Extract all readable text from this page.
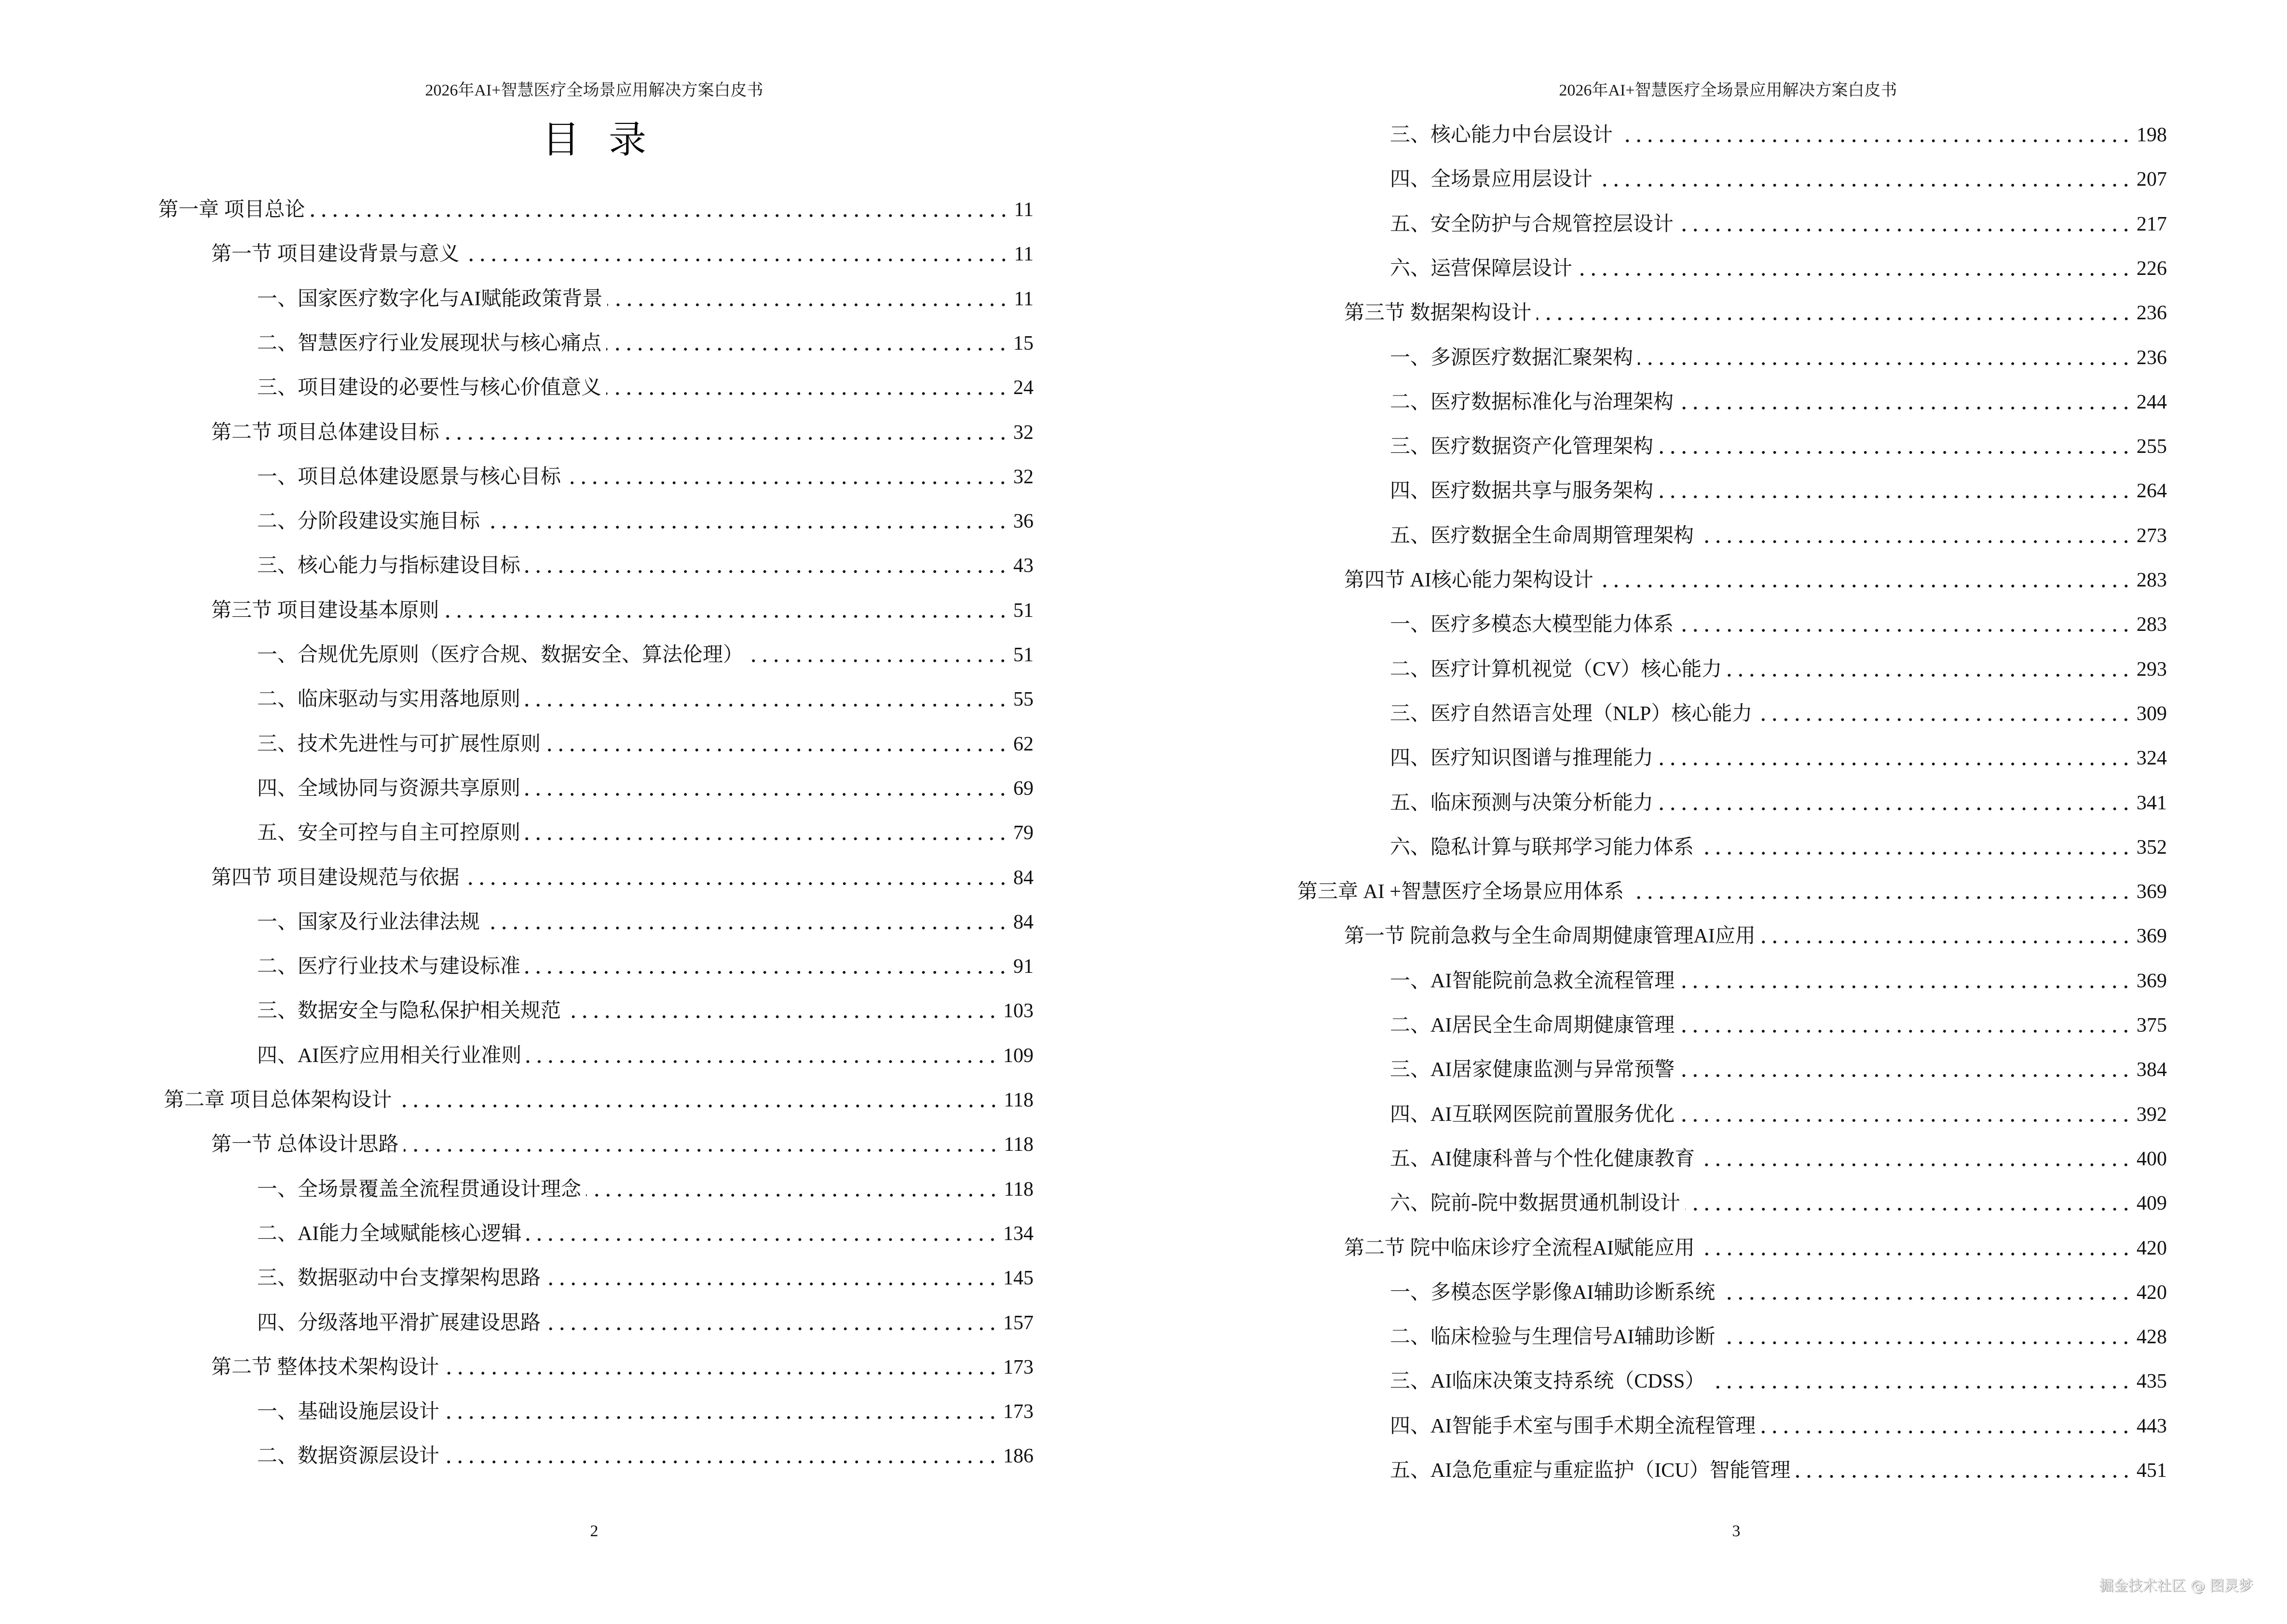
2026年AI+智慧医疗全场景应用解决方案白皮书
目录
第一章 项目总论	11
第一节 项目建设背景与意义	11
一、国家医疗数字化与AI赋能政策背景	11
二、智慧医疗行业发展现状与核心痛点	15
三、项目建设的必要性与核心价值意义	24
第二节 项目总体建设目标	32
一、项目总体建设愿景与核心目标	32
二、分阶段建设实施目标	36
三、核心能力与指标建设目标	43
第三节 项目建设基本原则	51
一、合规优先原则（医疗合规、数据安全、算法伦理）	51
二、临床驱动与实用落地原则	55
三、技术先进性与可扩展性原则	62
四、全域协同与资源共享原则	69
五、安全可控与自主可控原则	79
第四节 项目建设规范与依据	84
一、国家及行业法律法规	84
二、医疗行业技术与建设标准	91
三、数据安全与隐私保护相关规范	103
四、AI医疗应用相关行业准则	109
第二章 项目总体架构设计	118
第一节 总体设计思路	118
一、全场景覆盖全流程贯通设计理念	118
二、AI能力全域赋能核心逻辑	134
三、数据驱动中台支撑架构思路	145
四、分级落地平滑扩展建设思路	157
第二节 整体技术架构设计	173
一、基础设施层设计	173
二、数据资源层设计	186
2
2026年AI+智慧医疗全场景应用解决方案白皮书
三、核心能力中台层设计	198
四、全场景应用层设计	207
五、安全防护与合规管控层设计	217
六、运营保障层设计	226
第三节 数据架构设计	236
一、多源医疗数据汇聚架构	236
二、医疗数据标准化与治理架构	244
三、医疗数据资产化管理架构	255
四、医疗数据共享与服务架构	264
五、医疗数据全生命周期管理架构	273
第四节 AI核心能力架构设计	283
一、医疗多模态大模型能力体系	283
二、医疗计算机视觉（CV）核心能力	293
三、医疗自然语言处理（NLP）核心能力	309
四、医疗知识图谱与推理能力	324
五、临床预测与决策分析能力	341
六、隐私计算与联邦学习能力体系	352
第三章 AI +智慧医疗全场景应用体系	369
第一节 院前急救与全生命周期健康管理AI应用	369
一、AI智能院前急救全流程管理	369
二、AI居民全生命周期健康管理	375
三、AI居家健康监测与异常预警	384
四、AI互联网医院前置服务优化	392
五、AI健康科普与个性化健康教育	400
六、院前-院中数据贯通机制设计	409
第二节 院中临床诊疗全流程AI赋能应用	420
一、多模态医学影像AI辅助诊断系统	420
二、临床检验与生理信号AI辅助诊断	428
三、AI临床决策支持系统（CDSS）	435
四、AI智能手术室与围手术期全流程管理	443
五、AI急危重症与重症监护（ICU）智能管理	451
3
掘金技术社区 @ 图灵梦
